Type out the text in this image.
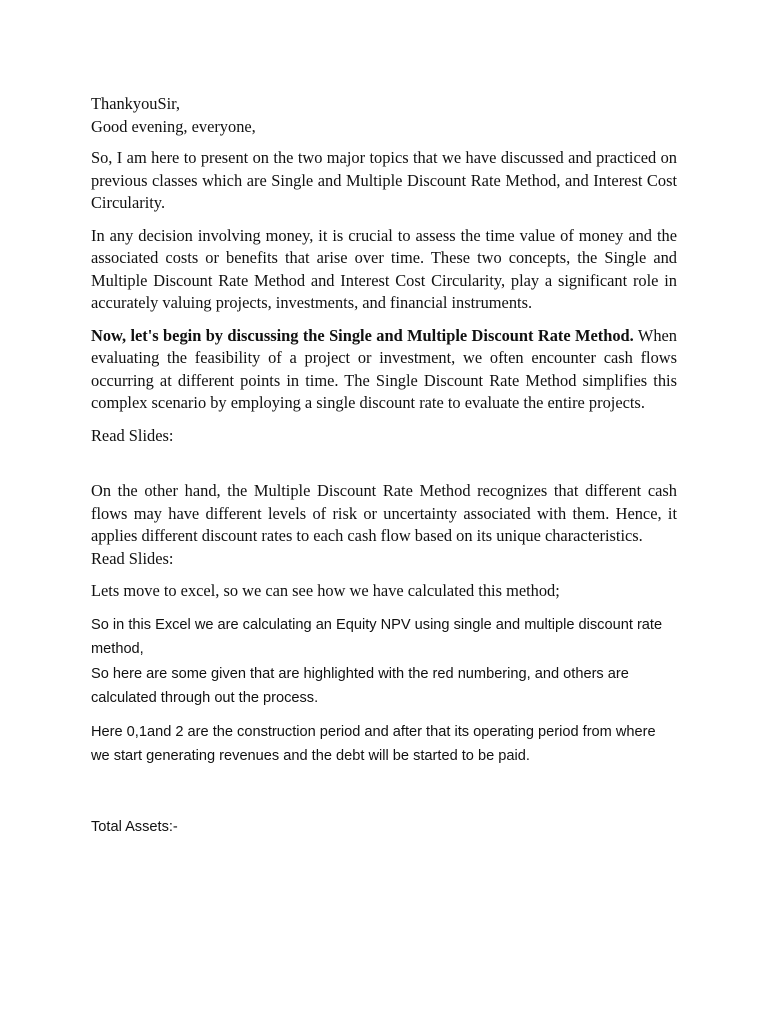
ThankyouSir,
Good evening, everyone,

So, I am here to present on the two major topics that we have discussed and practiced on previous classes which are Single and Multiple Discount Rate Method, and Interest Cost Circularity.

In any decision involving money, it is crucial to assess the time value of money and the associated costs or benefits that arise over time. These two concepts, the Single and Multiple Discount Rate Method and Interest Cost Circularity, play a significant role in accurately valuing projects, investments, and financial instruments.

Now, let's begin by discussing the Single and Multiple Discount Rate Method. When evaluating the feasibility of a project or investment, we often encounter cash flows occurring at different points in time. The Single Discount Rate Method simplifies this complex scenario by employing a single discount rate to evaluate the entire projects.

Read Slides:

On the other hand, the Multiple Discount Rate Method recognizes that different cash flows may have different levels of risk or uncertainty associated with them. Hence, it applies different discount rates to each cash flow based on its unique characteristics.
Read Slides:

Lets move to excel, so we can see how we have calculated this method;

So in this Excel we are calculating an Equity NPV using single and multiple discount rate method,
So here are some given that are highlighted with the red numbering, and others are calculated through out the process.

Here 0,1and 2 are the construction period and after that its operating period from where we start generating revenues and the debt will be started to be paid.

Total Assets:-
